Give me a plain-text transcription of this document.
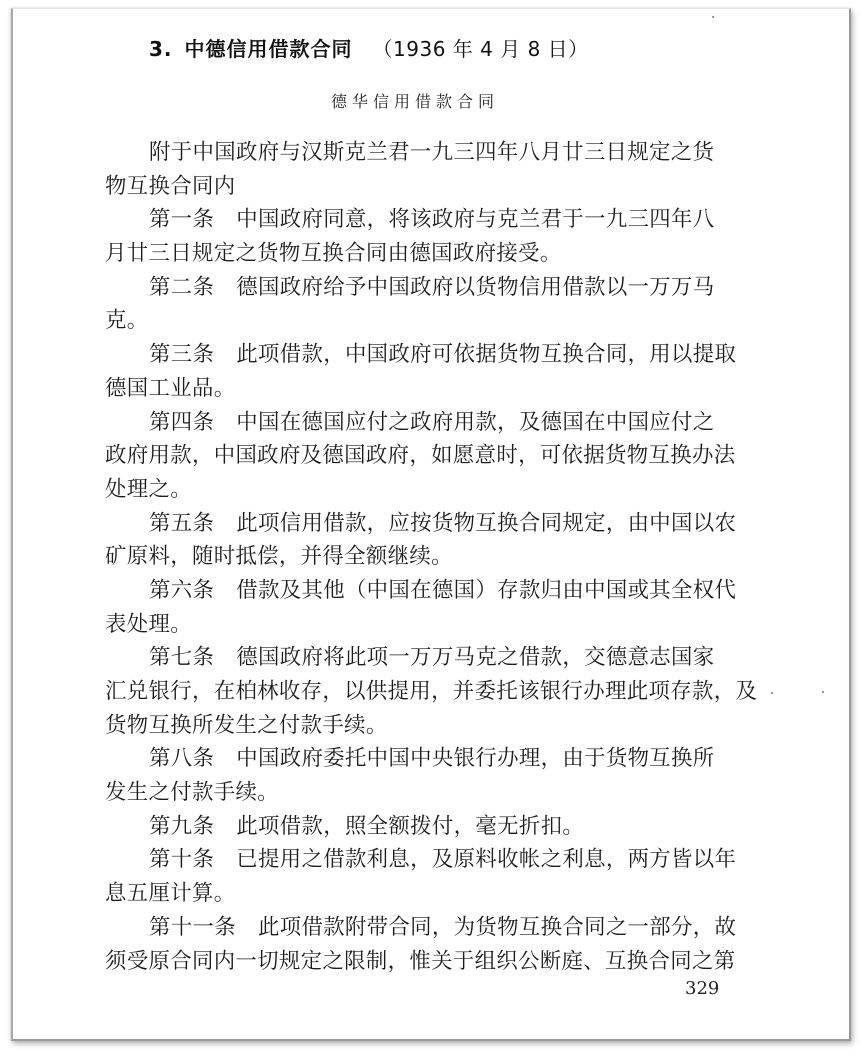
3. 中德信用借款合同 （1936 年 4 月 8 日）
德华信用借款合同
附于中国政府与汉斯克兰君一九三四年八月廿三日规定之货
物互换合同内
第一条 中国政府同意，将该政府与克兰君于一九三四年八
月廿三日规定之货物互换合同由德国政府接受。
第二条 德国政府给予中国政府以货物信用借款以一万万马
克。
第三条 此项借款，中国政府可依据货物互换合同，用以提取
德国工业品。
第四条 中国在德国应付之政府用款，及德国在中国应付之
政府用款，中国政府及德国政府，如愿意时，可依据货物互换办法
处理之。
第五条 此项信用借款，应按货物互换合同规定，由中国以农
矿原料，随时抵偿，并得全额继续。
第六条 借款及其他（中国在德国）存款归由中国或其全权代
表处理。
第七条 德国政府将此项一万万马克之借款，交德意志国家
汇兑银行，在柏林收存，以供提用，并委托该银行办理此项存款，及
货物互换所发生之付款手续。
第八条 中国政府委托中国中央银行办理，由于货物互换所
发生之付款手续。
第九条 此项借款，照全额拨付，毫无折扣。
第十条 已提用之借款利息，及原料收帐之利息，两方皆以年
息五厘计算。
第十一条 此项借款附带合同，为货物互换合同之一部分，故
须受原合同内一切规定之限制，惟关于组织公断庭、互换合同之第
329
